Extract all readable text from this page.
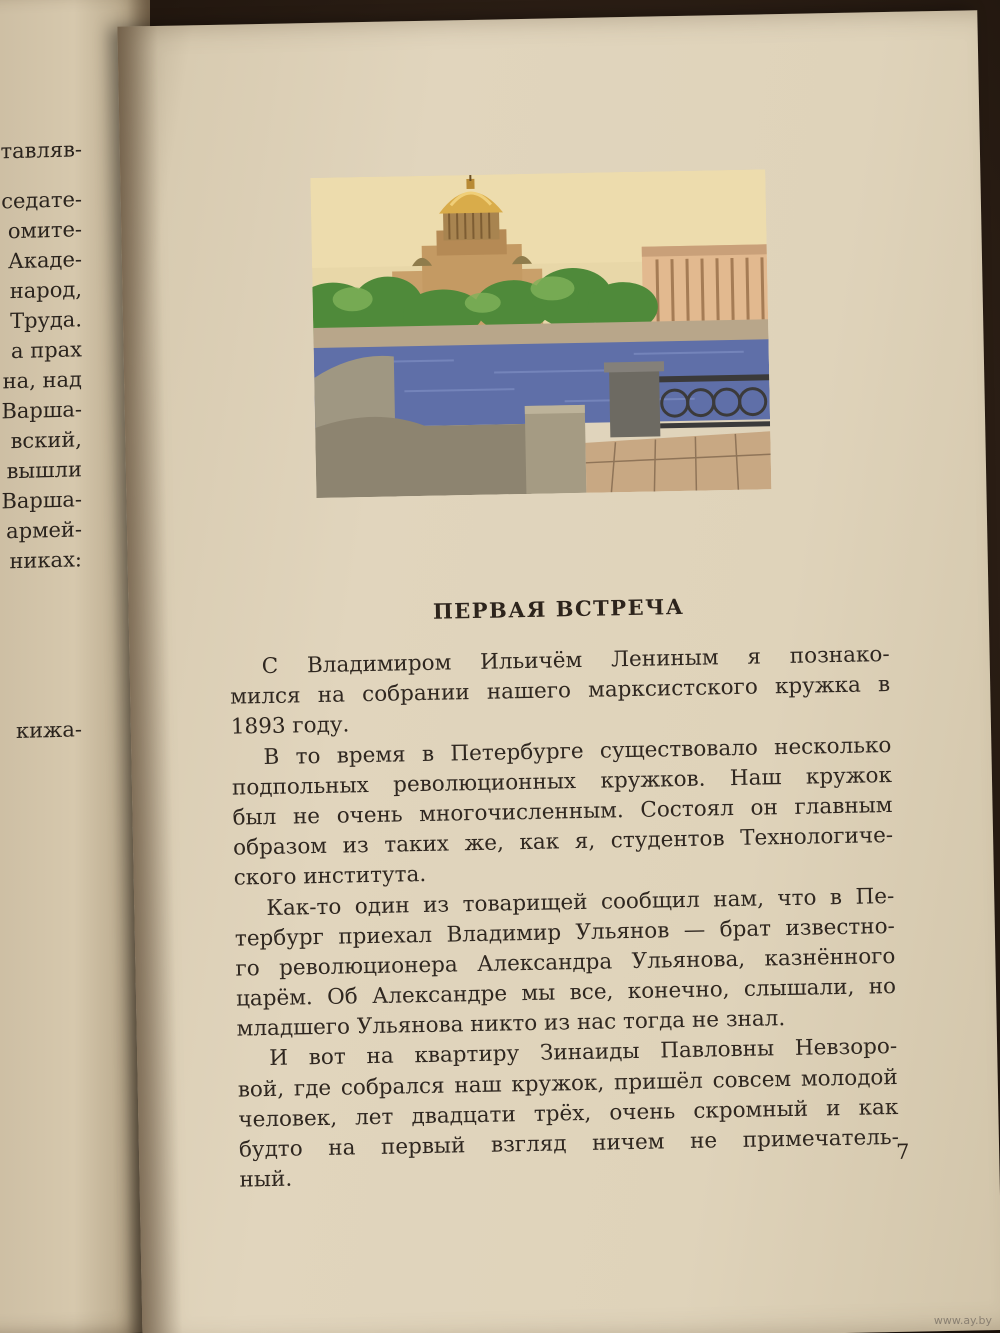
тавляв-
седате-
омите-
Акаде-
народ,
Труда.
а прах
на, над
Варша-
вский,
вышли
Варша-
армей-
никах:
кижа-
ПЕРВАЯ ВСТРЕЧА
С Владимиром Ильичём Лениным я познако-
мился на собрании нашего марксистского кружка в
1893 году.
В то время в Петербурге существовало несколько
подпольных революционных кружков. Наш кружок
был не очень многочисленным. Состоял он главным
образом из таких же, как я, студентов Технологиче-
ского института.
Как-то один из товарищей сообщил нам, что в Пе-
тербург приехал Владимир Ульянов — брат известно-
го революционера Александра Ульянова, казнённого
царём. Об Александре мы все, конечно, слышали, но
младшего Ульянова никто из нас тогда не знал.
И вот на квартиру Зинаиды Павловны Невзоро-
вой, где собрался наш кружок, пришёл совсем молодой
человек, лет двадцати трёх, очень скромный и как
будто на первый взгляд ничем не примечатель-
ный.
7
www.ay.by
